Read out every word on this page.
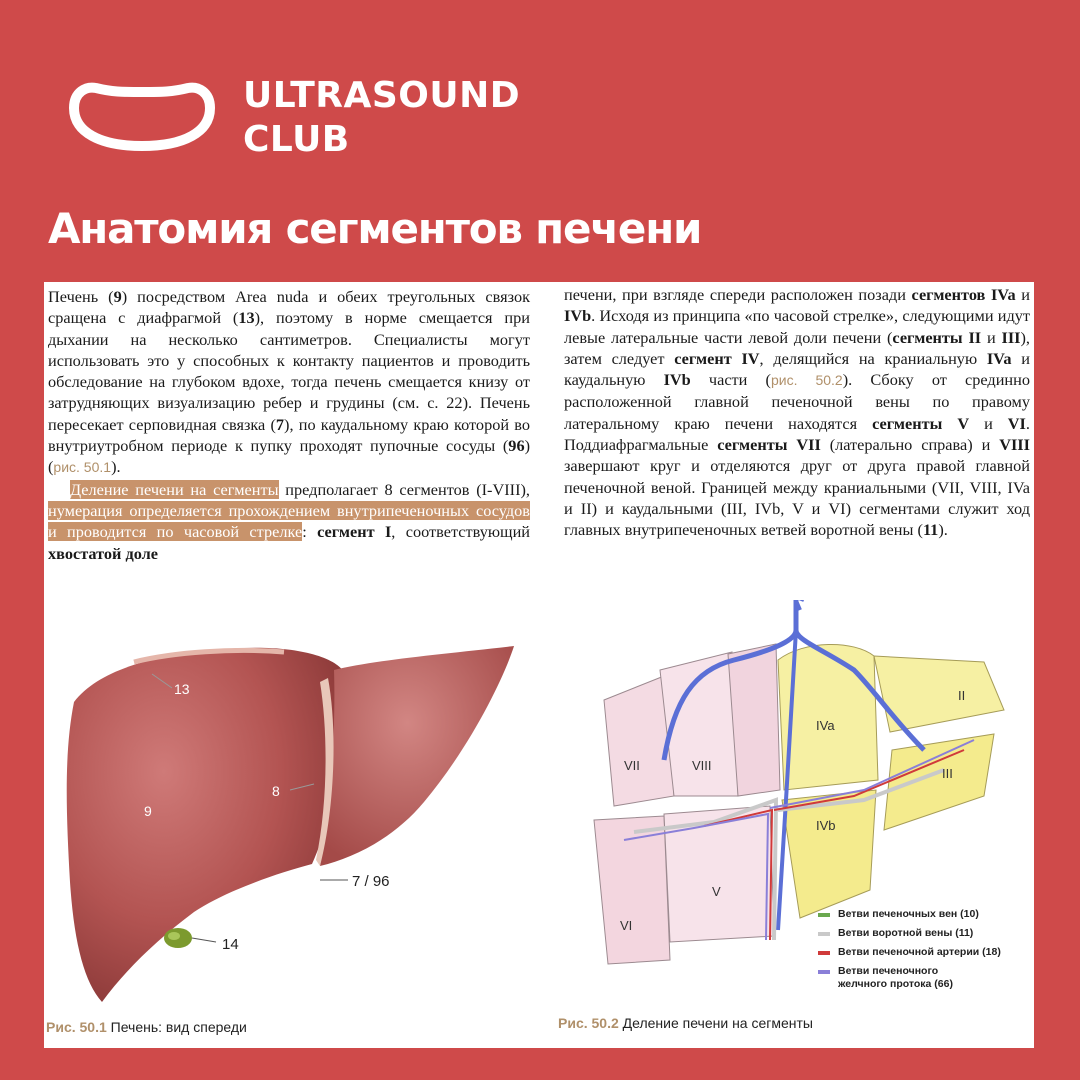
ULTRASOUND
CLUB
Анатомия сегментов печени

Печень (9) посредством Area nuda и обеих треугольных связок сращена с диафрагмой (13), поэтому в норме смещается при дыхании на несколько сантиметров. Специалисты могут использовать это у способных к контакту пациентов и проводить обследование на глубоком вдохе, тогда печень смещается книзу от затрудняющих визуализацию ребер и грудины (см. с. 22). Печень пересекает серповидная связка (7), по каудальному краю которой во внутриутробном периоде к пупку проходят пупочные сосуды (96) (рис. 50.1).

Деление печени на сегменты предполагает 8 сегментов (I-VIII), нумерация определяется прохождением внутрипеченочных сосудов и проводится по часовой стрелке: сегмент I, соответствующий хвостатой доле

печени, при взгляде спереди расположен позади сегментов IVa и IVb. Исходя из принципа «по часовой стрелке», следующими идут левые латеральные части левой доли печени (сегменты II и III), затем следует сегмент IV, делящийся на краниальную IVa и каудальную IVb части (рис. 50.2). Сбоку от срединно расположенной главной печеночной вены по правому латеральному краю печени находятся сегменты V и VI. Поддиафрагмальные сегменты VII (латерально справа) и VIII завершают круг и отделяются друг от друга правой главной печеночной веной. Границей между краниальными (VII, VIII, IVa и II) и каудальными (III, IVb, V и VI) сегментами служит ход главных внутрипеченочных ветвей воротной вены (11).

13
9
8
7 / 96
14
Рис. 50.1 Печень: вид спереди
VII	VIII
IVa
IVb
II
III
V
VI
Ветви печеночных вен (10)
Ветви воротной вены (11)
Ветви печеночной артерии (18)
Ветви печеночного желчного протока (66)
Рис. 50.2 Деление печени на сегменты
